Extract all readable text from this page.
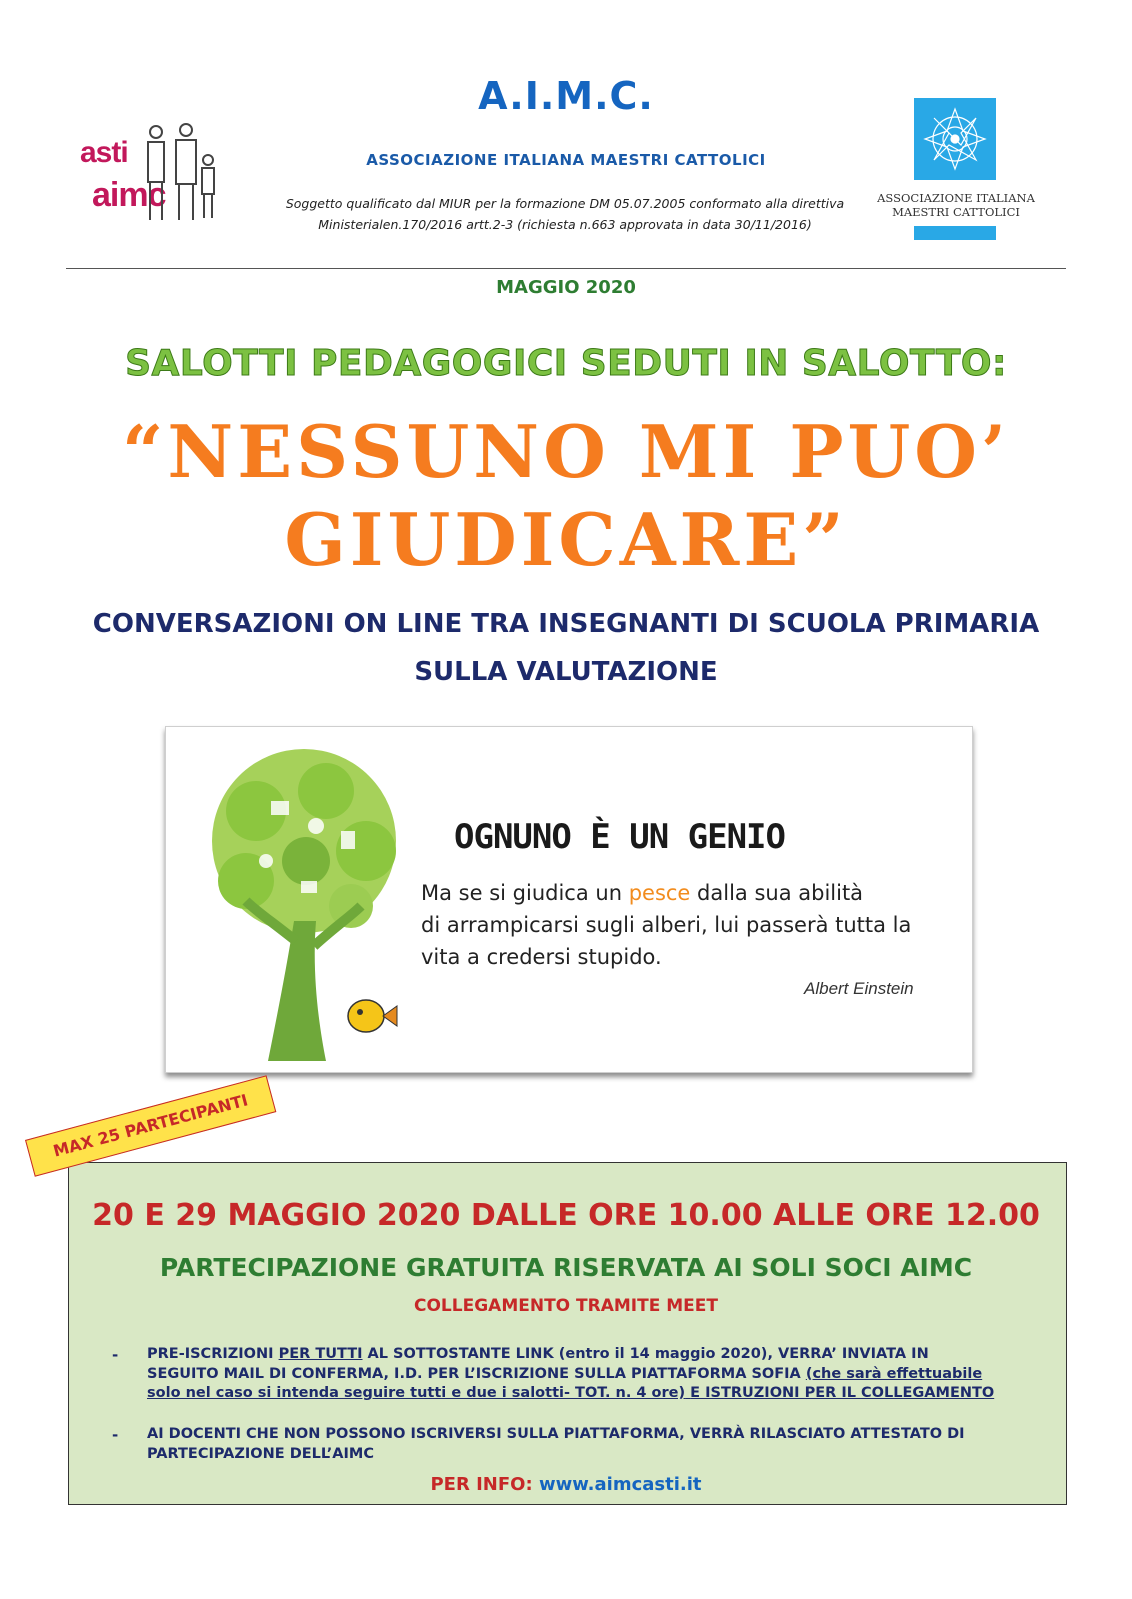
asti
aimc
A.I.M.C.
ASSOCIAZIONE ITALIANA MAESTRI CATTOLICI
Soggetto qualificato dal MIUR per la formazione DM 05.07.2005 conformato alla direttiva
Ministerialen.170/2016 artt.2-3 (richiesta n.663 approvata in data 30/11/2016)
ASSOCIAZIONE ITALIANA
MAESTRI CATTOLICI
MAGGIO 2020
SALOTTI PEDAGOGICI SEDUTI IN SALOTTO:
“NESSUNO MI PUO’
GIUDICARE”
CONVERSAZIONI ON LINE TRA INSEGNANTI DI SCUOLA PRIMARIA
SULLA VALUTAZIONE
OGNUNO È UN GENIO
Ma se si giudica un pesce dalla sua abilità
di arrampicarsi sugli alberi, lui passerà tutta la
vita a credersi stupido.
Albert Einstein
MAX 25 PARTECIPANTI
20 E 29 MAGGIO 2020 DALLE ORE 10.00 ALLE ORE 12.00
PARTECIPAZIONE GRATUITA RISERVATA AI SOLI SOCI AIMC
COLLEGAMENTO TRAMITE MEET
- PRE-ISCRIZIONI PER TUTTI AL SOTTOSTANTE LINK (entro il 14 maggio 2020), VERRA’ INVIATA IN
SEGUITO MAIL DI CONFERMA, I.D. PER L’ISCRIZIONE SULLA PIATTAFORMA SOFIA (che sarà effettuabile
solo nel caso si intenda seguire tutti e due i salotti- TOT. n. 4 ore) E ISTRUZIONI PER IL COLLEGAMENTO
- AI DOCENTI CHE NON POSSONO ISCRIVERSI SULLA PIATTAFORMA, VERRÀ RILASCIATO ATTESTATO DI
PARTECIPAZIONE DELL’AIMC
PER INFO: www.aimcasti.it
